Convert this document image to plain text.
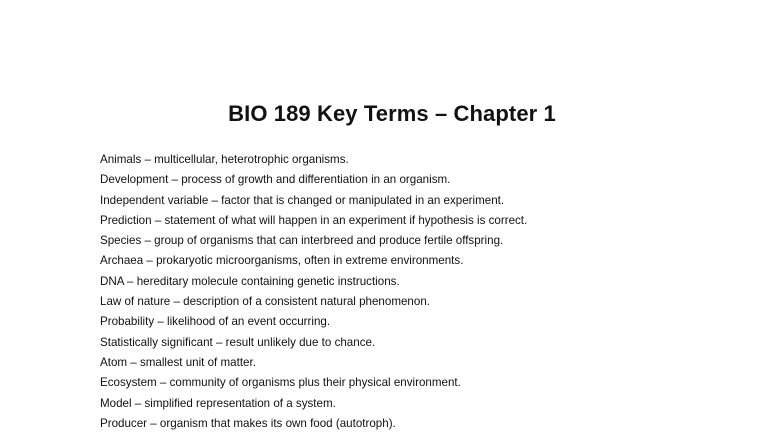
BIO 189 Key Terms – Chapter 1
Animals – multicellular, heterotrophic organisms.
Development – process of growth and differentiation in an organism.
Independent variable – factor that is changed or manipulated in an experiment.
Prediction – statement of what will happen in an experiment if hypothesis is correct.
Species – group of organisms that can interbreed and produce fertile offspring.
Archaea – prokaryotic microorganisms, often in extreme environments.
DNA – hereditary molecule containing genetic instructions.
Law of nature – description of a consistent natural phenomenon.
Probability – likelihood of an event occurring.
Statistically significant – result unlikely due to chance.
Atom – smallest unit of matter.
Ecosystem – community of organisms plus their physical environment.
Model – simplified representation of a system.
Producer – organism that makes its own food (autotroph).
